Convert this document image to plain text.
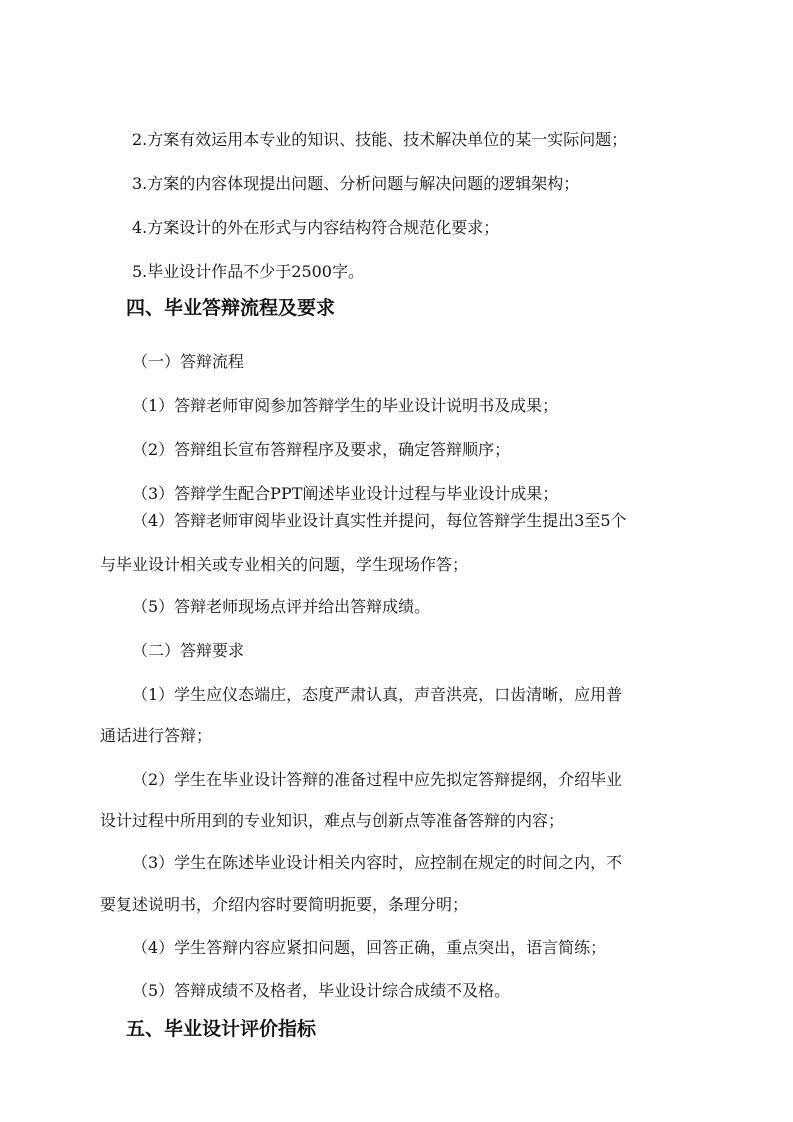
2.方案有效运用本专业的知识、技能、技术解决单位的某一实际问题；
3.方案的内容体现提出问题、分析问题与解决问题的逻辑架构；
4.方案设计的外在形式与内容结构符合规范化要求；
5.毕业设计作品不少于2500字。
四、毕业答辩流程及要求
（一）答辩流程
（1）答辩老师审阅参加答辩学生的毕业设计说明书及成果；
（2）答辩组长宣布答辩程序及要求，确定答辩顺序；
（3）答辩学生配合PPT阐述毕业设计过程与毕业设计成果；
（4）答辩老师审阅毕业设计真实性并提问，每位答辩学生提出3至5个
与毕业设计相关或专业相关的问题，学生现场作答；
（5）答辩老师现场点评并给出答辩成绩。
（二）答辩要求
（1）学生应仪态端庄，态度严肃认真，声音洪亮，口齿清晰，应用普
通话进行答辩；
（2）学生在毕业设计答辩的准备过程中应先拟定答辩提纲，介绍毕业
设计过程中所用到的专业知识，难点与创新点等准备答辩的内容；
（3）学生在陈述毕业设计相关内容时，应控制在规定的时间之内，不
要复述说明书，介绍内容时要简明扼要，条理分明；
（4）学生答辩内容应紧扣问题，回答正确，重点突出，语言简练；
（5）答辩成绩不及格者，毕业设计综合成绩不及格。
五、毕业设计评价指标
